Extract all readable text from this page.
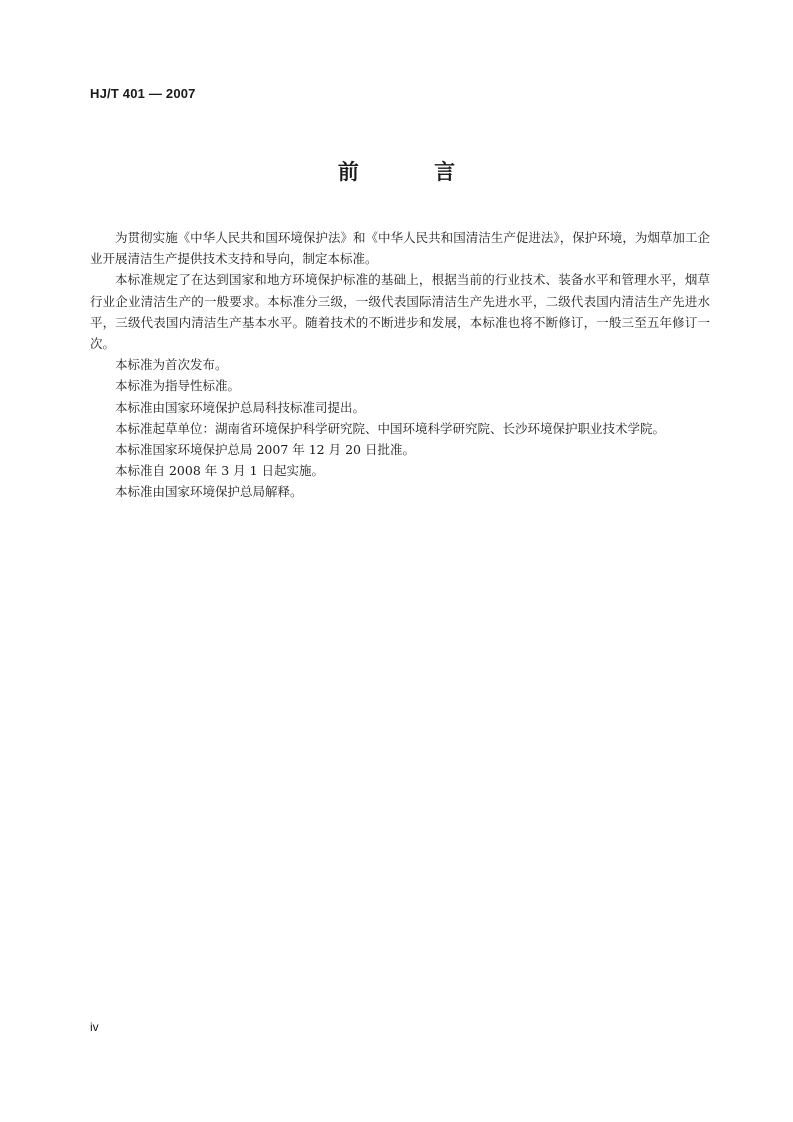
HJ/T 401 — 2007
前 言

为贯彻实施《中华人民共和国环境保护法》和《中华人民共和国清洁生产促进法》，保护环境，为烟草加工企业开展清洁生产提供技术支持和导向，制定本标准。

本标准规定了在达到国家和地方环境保护标准的基础上，根据当前的行业技术、装备水平和管理水平，烟草行业企业清洁生产的一般要求。本标准分三级，一级代表国际清洁生产先进水平，二级代表国内清洁生产先进水平，三级代表国内清洁生产基本水平。随着技术的不断进步和发展，本标准也将不断修订，一般三至五年修订一次。

本标准为首次发布。

本标准为指导性标准。

本标准由国家环境保护总局科技标准司提出。

本标准起草单位：湖南省环境保护科学研究院、中国环境科学研究院、长沙环境保护职业技术学院。

本标准国家环境保护总局 2007 年 12 月 20 日批准。

本标准自 2008 年 3 月 1 日起实施。

本标准由国家环境保护总局解释。

iv
